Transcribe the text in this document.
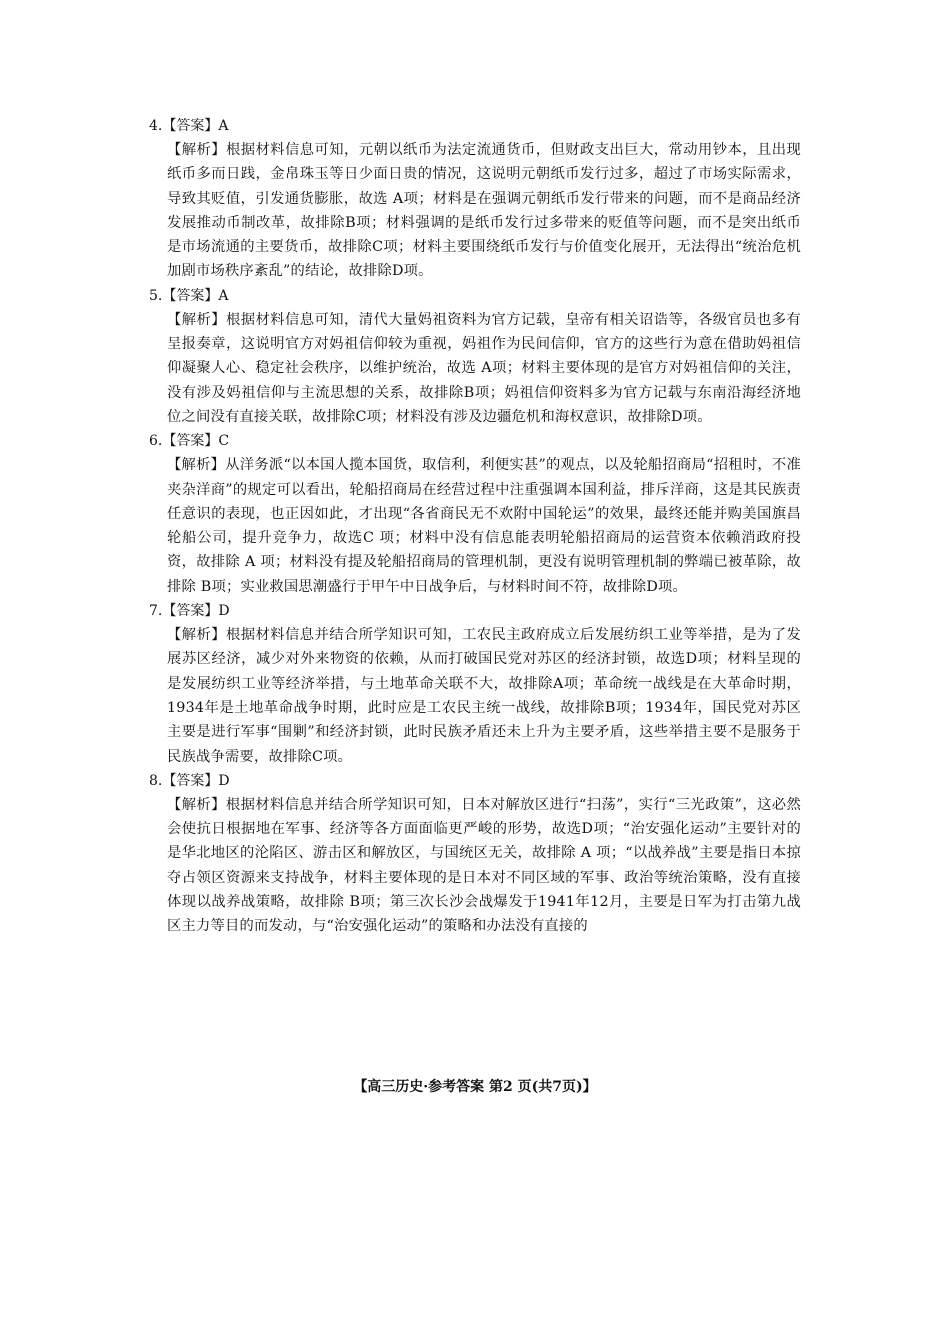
4.【答案】A
【解析】根据材料信息可知，元朝以纸币为法定流通货币，但财政支出巨大，常动用钞本，且出现纸币多而日践，金帛珠玉等日少面日贵的情况，这说明元朝纸币发行过多，超过了市场实际需求，导致其贬值，引发通货膨胀，故选 A项；材料是在强调元朝纸币发行带来的问题，而不是商品经济发展推动币制改革，故排除B项；材料强调的是纸币发行过多带来的贬值等问题，而不是突出纸币是市场流通的主要货币，故排除C项；材料主要围绕纸币发行与价值变化展开，无法得出“统治危机加剧市场秩序紊乱”的结论，故排除D项。
5.【答案】A
【解析】根据材料信息可知，清代大量妈祖资料为官方记载，皇帝有相关诏诰等，各级官员也多有呈报奏章，这说明官方对妈祖信仰较为重视，妈祖作为民间信仰，官方的这些行为意在借助妈祖信仰凝聚人心、稳定社会秩序，以维护统治，故选 A项；材料主要体现的是官方对妈祖信仰的关注，没有涉及妈祖信仰与主流思想的关系，故排除B项；妈祖信仰资料多为官方记载与东南沿海经济地位之间没有直接关联，故排除C项；材料没有涉及边疆危机和海权意识，故排除D项。
6.【答案】C
【解析】从洋务派“以本国人揽本国货，取信利，利便实甚”的观点，以及轮船招商局“招租时，不准夹杂洋商”的规定可以看出，轮船招商局在经营过程中注重强调本国利益，排斥洋商，这是其民族责任意识的表现，也正因如此，才出现“各省商民无不欢附中国轮运”的效果，最终还能并购美国旗昌轮船公司，提升竞争力，故选C 项；材料中没有信息能表明轮船招商局的运营资本依赖消政府投资，故排除 A 项；材料没有提及轮船招商局的管理机制，更没有说明管理机制的弊端已被革除，故排除 B项；实业救国思潮盛行于甲午中日战争后，与材料时间不符，故排除D项。
7.【答案】D
【解析】根据材料信息并结合所学知识可知，工农民主政府成立后发展纺织工业等举措，是为了发展苏区经济，减少对外来物资的依赖，从而打破国民党对苏区的经济封锁，故选D项；材料呈现的是发展纺织工业等经济举措，与土地革命关联不大，故排除A项；革命统一战线是在大革命时期，1934年是土地革命战争时期，此时应是工农民主统一战线，故排除B项；1934年，国民党对苏区主要是进行军事“围剿”和经济封锁，此时民族矛盾还未上升为主要矛盾，这些举措主要不是服务于民族战争需要，故排除C项。
8.【答案】D
【解析】根据材料信息并结合所学知识可知，日本对解放区进行“扫荡”，实行“三光政策”，这必然会使抗日根据地在军事、经济等各方面面临更严峻的形势，故选D项；“治安强化运动”主要针对的是华北地区的沦陷区、游击区和解放区，与国统区无关，故排除 A 项；“以战养战”主要是指日本掠夺占领区资源来支持战争，材料主要体现的是日本对不同区域的军事、政治等统治策略，没有直接体现以战养战策略，故排除 B项；第三次长沙会战爆发于1941年12月，主要是日军为打击第九战区主力等目的而发动，与“治安强化运动”的策略和办法没有直接的
【高三历史·参考答案 第2 页(共7页)】
